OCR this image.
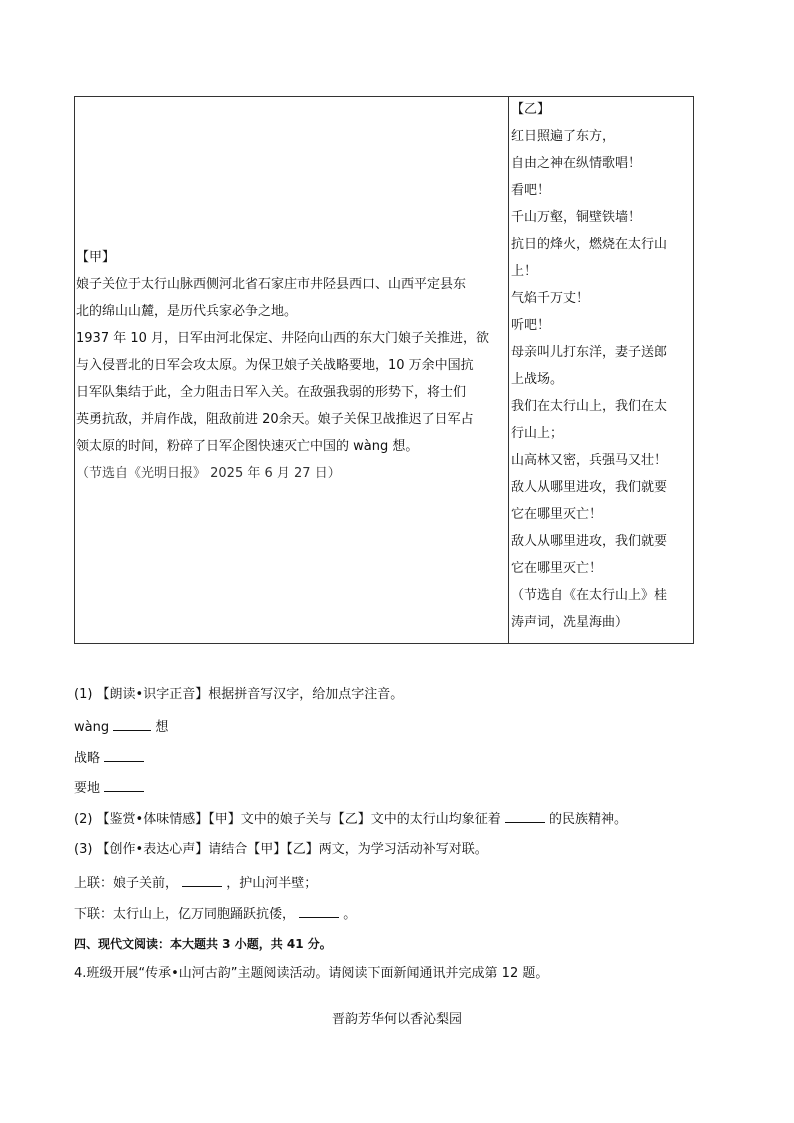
【甲】

娘子关位于太行山脉西侧河北省石家庄市井陉县西口、山西平定县东

北的绵山山麓，是历代兵家必争之地。

1937 年 10 月，日军由河北保定、井陉向山西的东大门娘子关推进，欲

与入侵晋北的日军会攻太原。为保卫娘子关战略要地，10 万余中国抗

日军队集结于此，全力阻击日军入关。在敌强我弱的形势下，将士们

英勇抗敌，并肩作战，阻敌前进 20余天。娘子关保卫战推迟了日军占

领太原的时间，粉碎了日军企图快速灭亡中国的 wàng 想。

（节选自《光明日报》 2025 年 6 月 27 日）

【乙】

红日照遍了东方，

自由之神在纵情歌唱！

看吧！

千山万壑，铜壁铁墙！

抗日的烽火，燃烧在太行山

上！

气焰千万丈！

听吧！

母亲叫儿打东洋，妻子送郎

上战场。

我们在太行山上，我们在太

行山上；

山高林又密，兵强马又壮！

敌人从哪里进攻，我们就要

它在哪里灭亡！

敌人从哪里进攻，我们就要

它在哪里灭亡！

（节选自《在太行山上》桂

涛声词，冼星海曲）

(1) 【朗读•识字正音】根据拼音写汉字，给加点字注音。

wàng	想

战略

要地

(2) 【鉴赏•体味情感】【甲】文中的娘子关与【乙】文中的太行山均象征着	的民族精神。

(3) 【创作•表达心声】请结合【甲】【乙】两文，为学习活动补写对联。

上联：娘子关前，	，护山河半壁；

下联：太行山上，亿万同胞踊跃抗倭，	。

四、现代文阅读：本大题共 3 小题，共 41 分。

4.班级开展“传承•山河古韵”主题阅读活动。请阅读下面新闻通讯并完成第 12 题。

晋韵芳华何以香沁梨园
